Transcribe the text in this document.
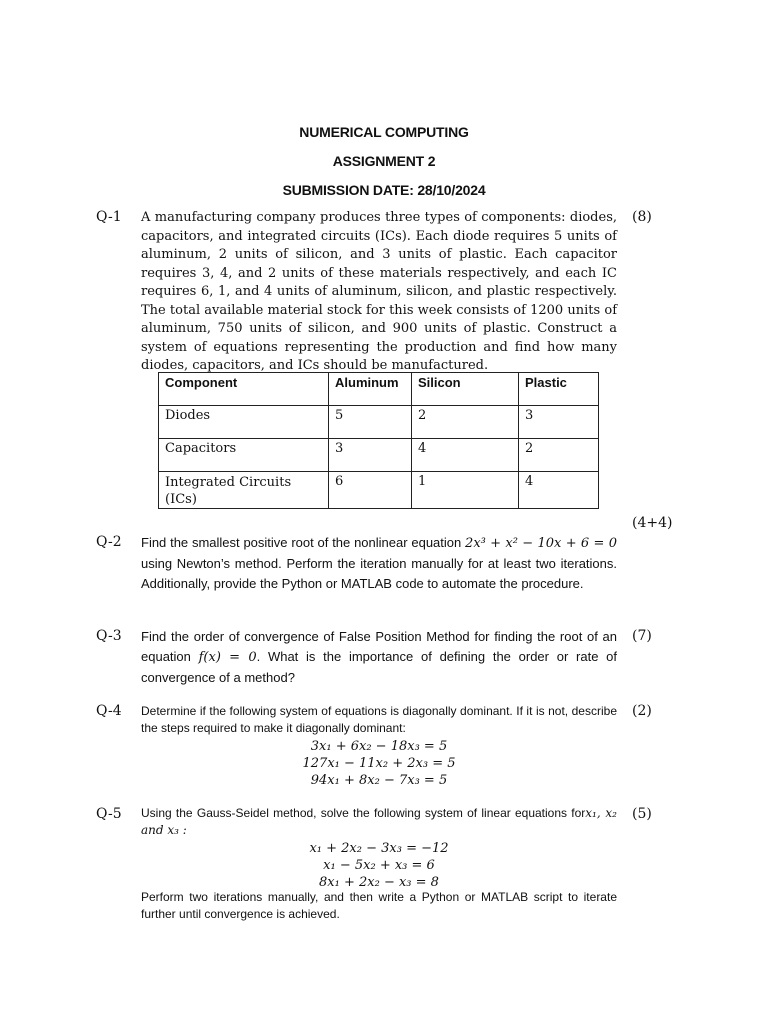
NUMERICAL COMPUTING
ASSIGNMENT 2
SUBMISSION DATE: 28/10/2024
Q-1	(8)
A manufacturing company produces three types of components: diodes, capacitors, and integrated circuits (ICs). Each diode requires 5 units of aluminum, 2 units of silicon, and 3 units of plastic. Each capacitor requires 3, 4, and 2 units of these materials respectively, and each IC requires 6, 1, and 4 units of aluminum, silicon, and plastic respectively. The total available material stock for this week consists of 1200 units of aluminum, 750 units of silicon, and 900 units of plastic. Construct a system of equations representing the production and find how many diodes, capacitors, and ICs should be manufactured.
Component	Aluminum	Silicon	Plastic
Diodes	5	2	3
Capacitors	3	4	2
Integrated Circuits (ICs)	6	1	4
(4+4)
Q-2 Find the smallest positive root of the nonlinear equation 2x³ + x² − 10x + 6 = 0 using Newton’s method. Perform the iteration manually for at least two iterations. Additionally, provide the Python or MATLAB code to automate the procedure.
Q-3	(7)
Find the order of convergence of False Position Method for finding the root of an equation f(x) = 0. What is the importance of defining the order or rate of convergence of a method?
Q-4	(2)
Determine if the following system of equations is diagonally dominant. If it is not, describe the steps required to make it diagonally dominant:
3x₁ + 6x₂ − 18x₃ = 5
127x₁ − 11x₂ + 2x₃ = 5
94x₁ + 8x₂ − 7x₃ = 5
Q-5	(5)
Using the Gauss-Seidel method, solve the following system of linear equations forx₁, x₂ and x₃ :
x₁ + 2x₂ − 3x₃ = −12
x₁ − 5x₂ + x₃ = 6
8x₁ + 2x₂ − x₃ = 8
Perform two iterations manually, and then write a Python or MATLAB script to iterate further until convergence is achieved.
